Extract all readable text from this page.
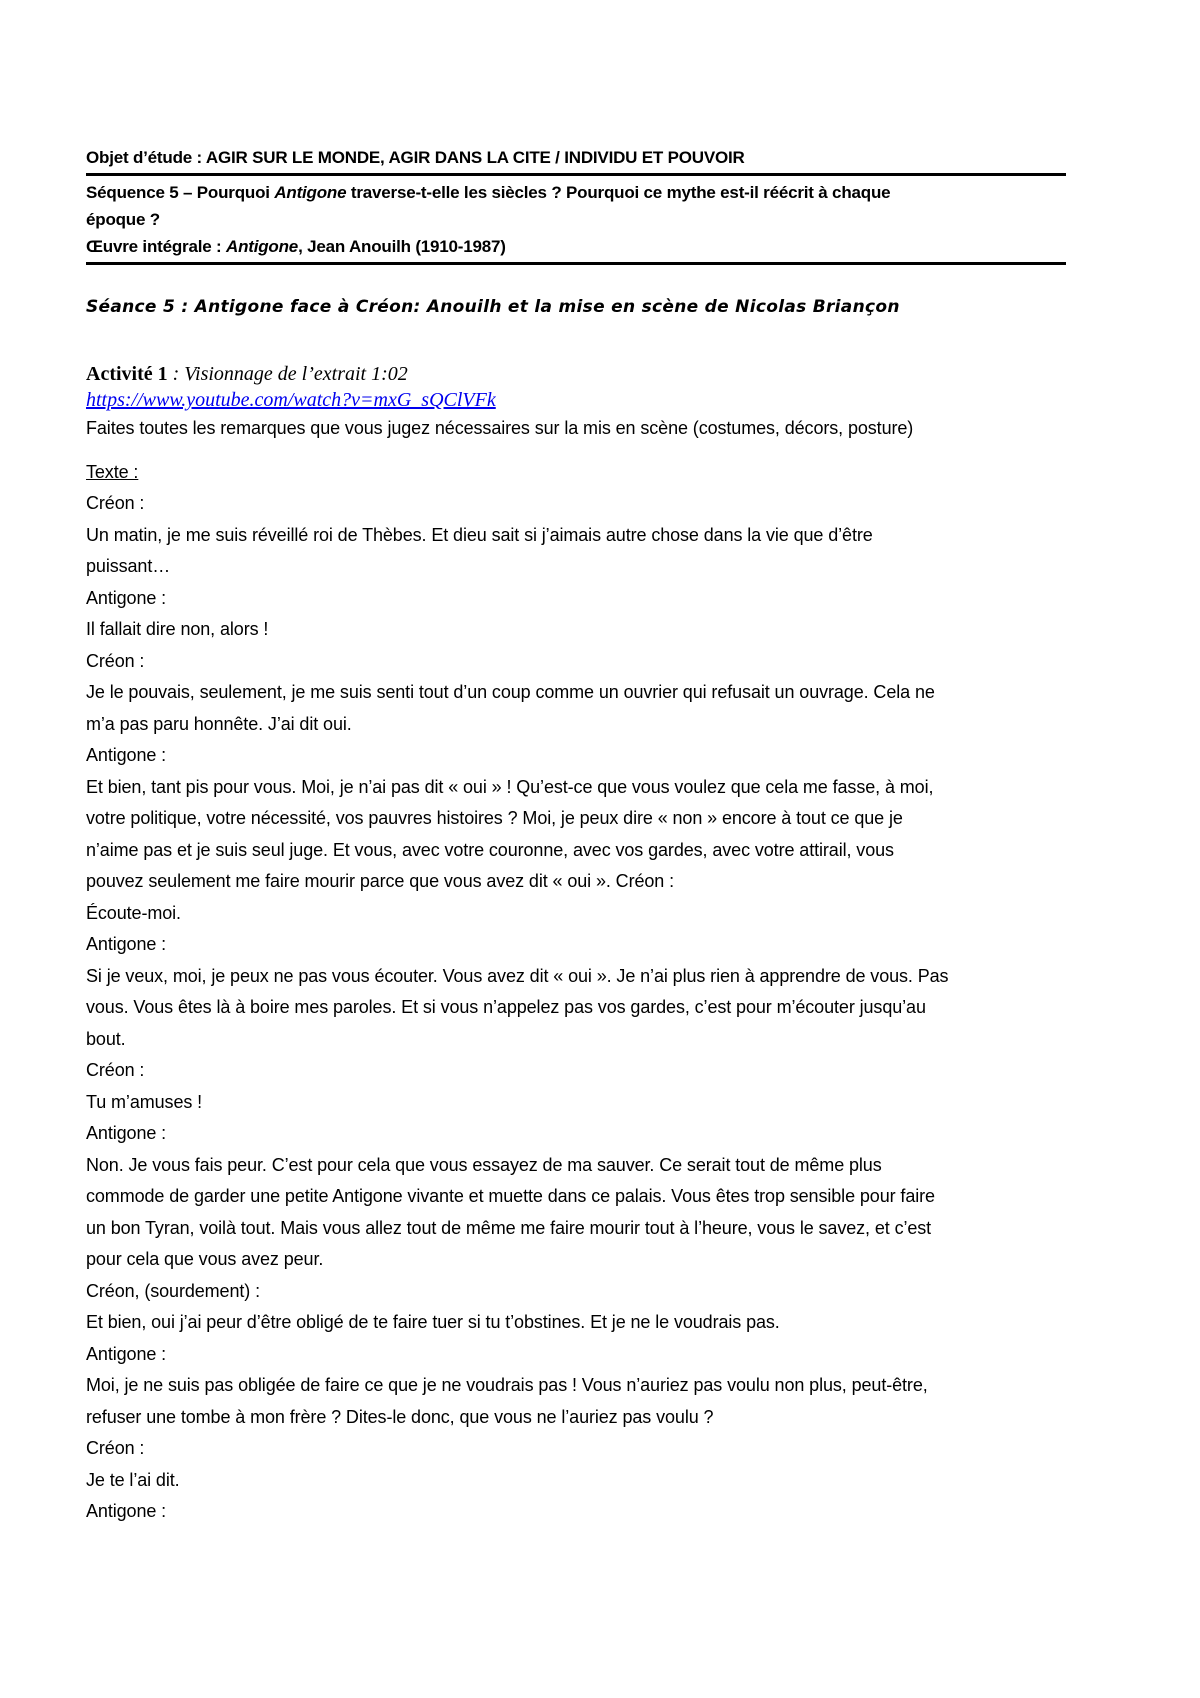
Objet d’étude : AGIR SUR LE MONDE, AGIR DANS LA CITE / INDIVIDU ET POUVOIR
Séquence 5 – Pourquoi Antigone traverse-t-elle les siècles ? Pourquoi ce mythe est-il réécrit à chaque
époque ?
Œuvre intégrale : Antigone, Jean Anouilh (1910-1987)
Séance 5 : Antigone face à Créon: Anouilh et la mise en scène de Nicolas Briançon
Activité 1 : Visionnage de l’extrait 1:02
https://www.youtube.com/watch?v=mxG_sQClVFk
Faites toutes les remarques que vous jugez nécessaires sur la mis en scène (costumes, décors, posture)
Texte :
Créon :
Un matin, je me suis réveillé roi de Thèbes. Et dieu sait si j’aimais autre chose dans la vie que d’être
puissant…
Antigone :
Il fallait dire non, alors !
Créon :
Je le pouvais, seulement, je me suis senti tout d’un coup comme un ouvrier qui refusait un ouvrage. Cela ne
m’a pas paru honnête. J’ai dit oui.
Antigone :
Et bien, tant pis pour vous. Moi, je n’ai pas dit « oui » ! Qu’est-ce que vous voulez que cela me fasse, à moi,
votre politique, votre nécessité, vos pauvres histoires ? Moi, je peux dire « non » encore à tout ce que je
n’aime pas et je suis seul juge. Et vous, avec votre couronne, avec vos gardes, avec votre attirail, vous
pouvez seulement me faire mourir parce que vous avez dit « oui ». Créon :
Écoute-moi.
Antigone :
Si je veux, moi, je peux ne pas vous écouter. Vous avez dit « oui ». Je n’ai plus rien à apprendre de vous. Pas
vous. Vous êtes là à boire mes paroles. Et si vous n’appelez pas vos gardes, c’est pour m’écouter jusqu’au
bout.
Créon :
Tu m’amuses !
Antigone :
Non. Je vous fais peur. C’est pour cela que vous essayez de ma sauver. Ce serait tout de même plus
commode de garder une petite Antigone vivante et muette dans ce palais. Vous êtes trop sensible pour faire
un bon Tyran, voilà tout. Mais vous allez tout de même me faire mourir tout à l’heure, vous le savez, et c’est
pour cela que vous avez peur.
Créon, (sourdement) :
Et bien, oui j’ai peur d’être obligé de te faire tuer si tu t’obstines. Et je ne le voudrais pas.
Antigone :
Moi, je ne suis pas obligée de faire ce que je ne voudrais pas ! Vous n’auriez pas voulu non plus, peut-être,
refuser une tombe à mon frère ? Dites-le donc, que vous ne l’auriez pas voulu ?
Créon :
Je te l’ai dit.
Antigone :
